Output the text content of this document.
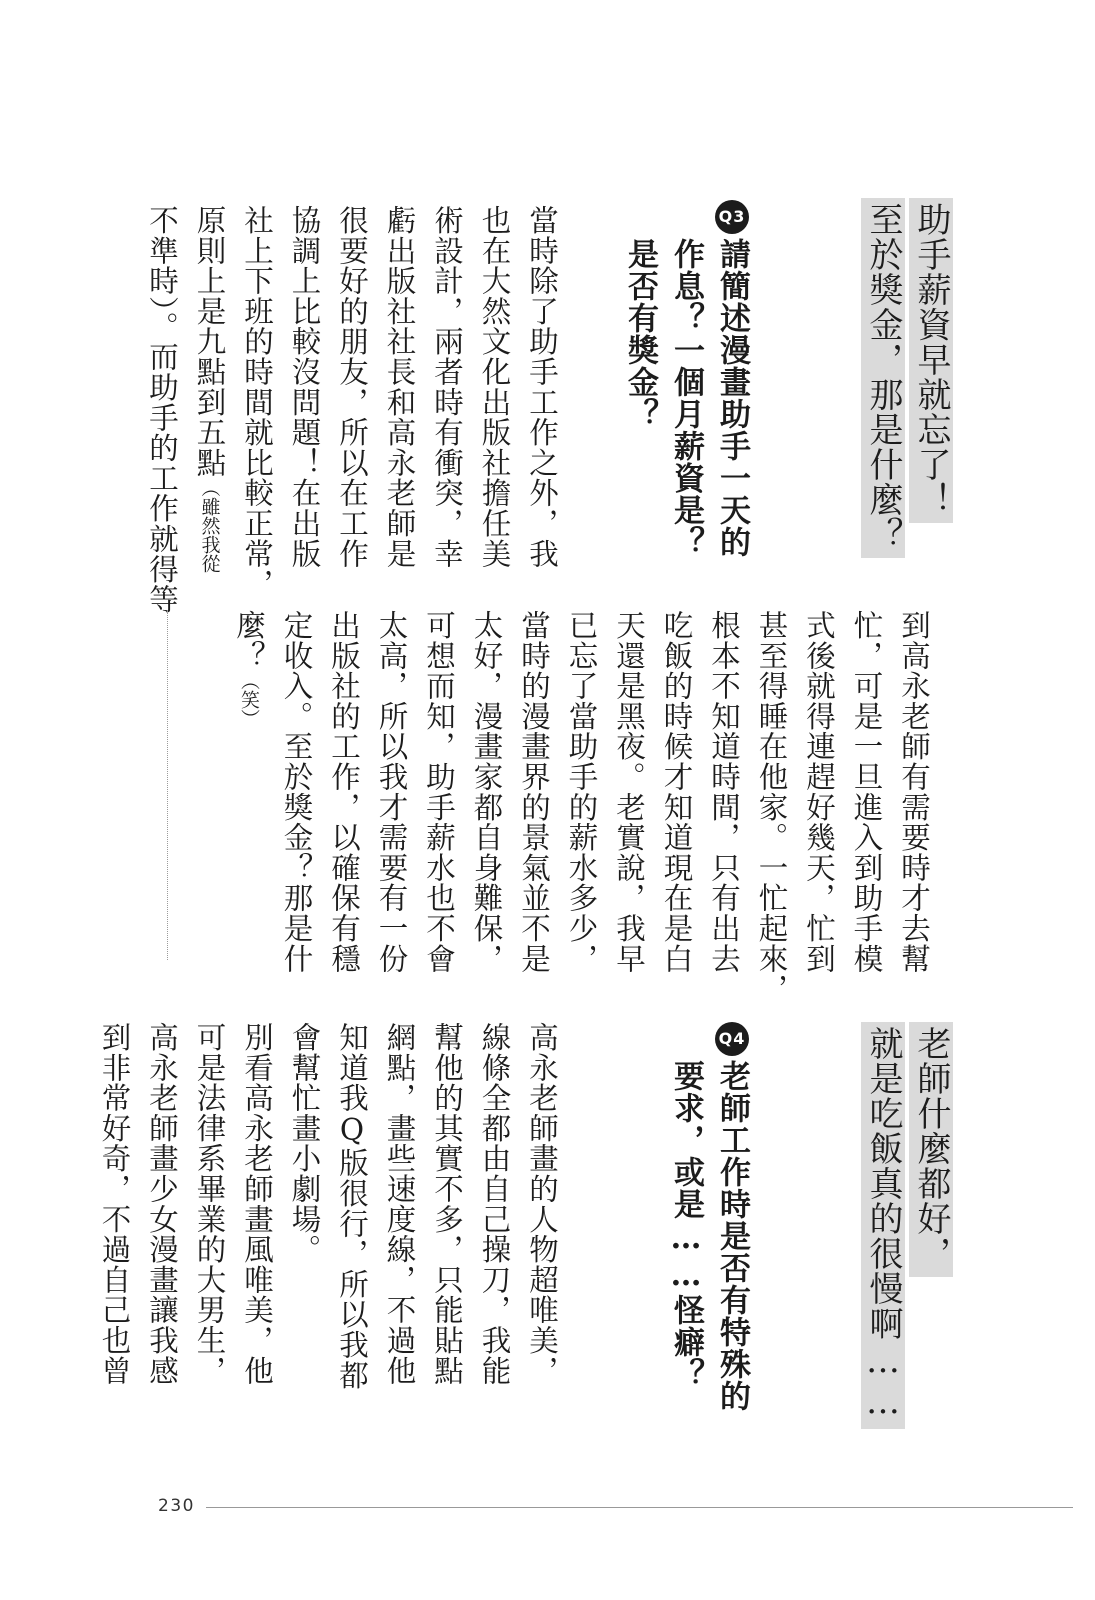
助手薪資早就忘了！
至於獎金，那是什麼？
Q3請簡述漫畫助手一天的
作息？一個月薪資是？
是否有獎金？
當時除了助手工作之外，我
也在大然文化出版社擔任美
術設計，兩者時有衝突，幸
虧出版社社長和高永老師是
很要好的朋友，所以在工作
協調上比較沒問題！在出版
社上下班的時間就比較正常，
原則上是九點到五點（雖然我從
不準時）。而助手的工作就得等
到高永老師有需要時才去幫
忙，可是一旦進入到助手模
式後就得連趕好幾天，忙到
甚至得睡在他家。一忙起來，
根本不知道時間，只有出去
吃飯的時候才知道現在是白
天還是黑夜。老實說，我早
已忘了當助手的薪水多少，
當時的漫畫界的景氣並不是
太好，漫畫家都自身難保，
可想而知，助手薪水也不會
太高，所以我才需要有一份
出版社的工作，以確保有穩
定收入。至於獎金？那是什
麼？（笑）
老師什麼都好，
就是吃飯真的很慢啊……
Q4老師工作時是否有特殊的
要求，或是……怪癖？
高永老師畫的人物超唯美，
線條全都由自己操刀，我能
幫他的其實不多，只能貼點
網點，畫些速度線，不過他
知道我Q版很行，所以我都
會幫忙畫小劇場。
別看高永老師畫風唯美，他
可是法律系畢業的大男生，
高永老師畫少女漫畫讓我感
到非常好奇，不過自己也曾
230
